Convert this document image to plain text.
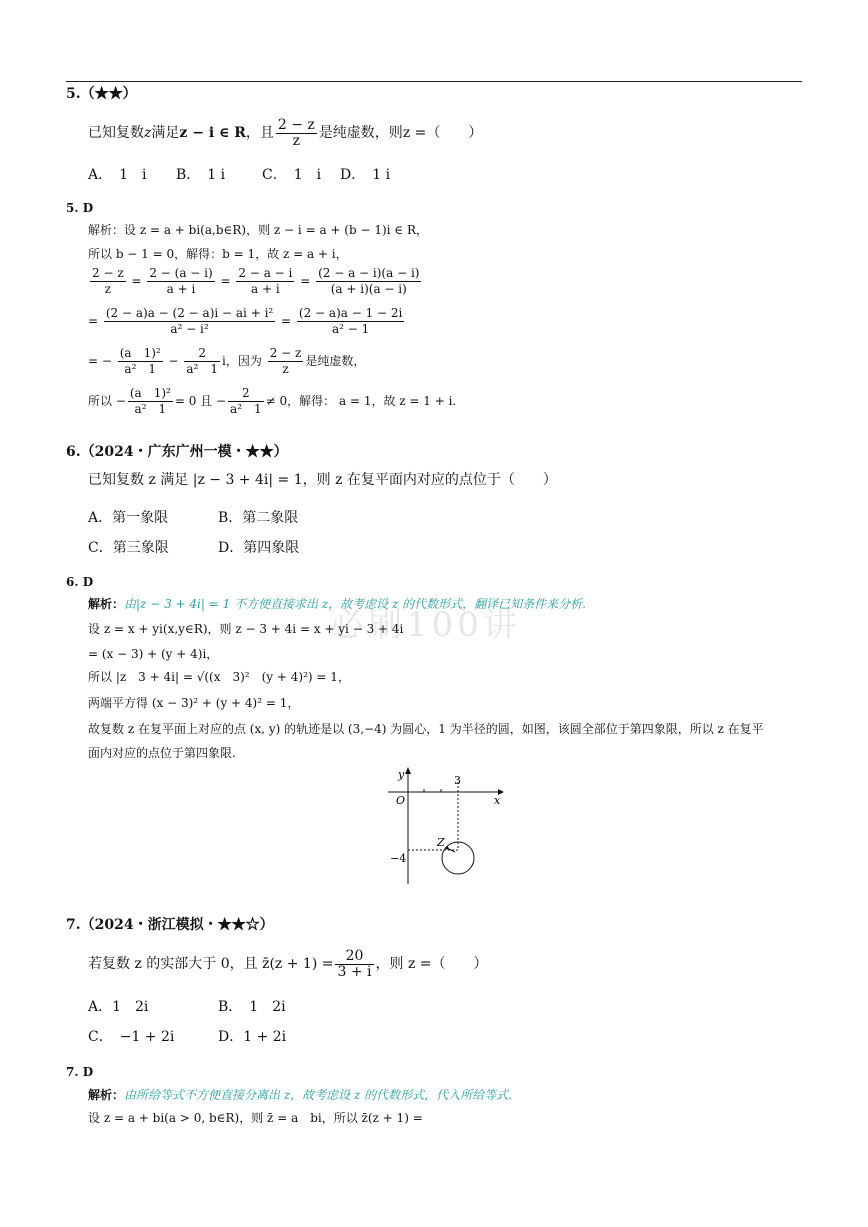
5.（★★）
已知复数z满足z − i ∈ R，且 $\frac{2 - z}{z}$ 是纯虚数，则z =（　　）
A．　1　i B．　1 i	C．　1　i D．　1 i
5. D
解析：设 z = a + bi(a,b∈R)，则 z − i = a + (b − 1)i ∈ R，
所以 b − 1 = 0，解得：b = 1，故 z = a + i，
$\frac{2 - z}{z} = \frac{2 - (a - i)}{a + i} = \frac{2 - a - i}{a + i} = \frac{(2 - a - i)(a - i)}{(a + i)(a - i)}$
= $\frac{\text{(2 − a)a − (2 − a)i − ai + i²}}{\text{a² − i²}} = \frac{(2 - a)a - 1 - 2i}{\text{a² − 1}}$
= − $\frac{\text{(a　1)²}}{\text{a²　1}} - \frac{2}{\text{a²　1}}$ i，因为 $\frac{2 - z}{z}$ 是纯虚数，
所以 − $\frac{\text{(a　1)²}}{\text{a²　1}} = 0$ 且 − $\frac{2}{\text{a²　1}} \ne 0$，解得： a = 1，故 z = 1 + i.
6.（2024・广东广州一模・★★）
已知复数 z 满足 |z − 3 + 4i| = 1，则 z 在复平面内对应的点位于（　　）
A．第一象限	B．第二象限
C．第三象限	D．第四象限
必刷100讲
6. D
解析：由|z − 3 + 4i| = 1 不方便直接求出 z，故考虑设 z 的代数形式，翻译已知条件来分析.
设 z = x + yi(x,y∈R)，则 z − 3 + 4i = x + yi − 3 + 4i
= (x − 3) + (y + 4)i，
所以 |z　3 + 4i| = √((x　3)²　(y + 4)²) = 1，
两端平方得 (x − 3)² + (y + 4)² = 1，
故复数 z 在复平面上对应的点 (x, y) 的轨迹是以 (3,−4) 为圆心，1 为半径的圆，如图，该圆全部位于第四象限，所以 z 在复平
面内对应的点位于第四象限.
y
x
O
3
−4
Z
7.（2024・浙江模拟・★★☆）
若复数 z 的实部大于 0，且 z̄(z + $1) = \frac{20}{3 + i}$ ，则 z =（　　）
A．1　2i	B．　1　2i
C．　−1 + 2i	D．1 + 2i
7. D
解析：由所给等式不方便直接分离出 z，故考虑设 z 的代数形式，代入所给等式.
设 z = a + bi(a > 0, b∈R)，则 z̄ = a　bi，所以 z̄(z + 1) =
